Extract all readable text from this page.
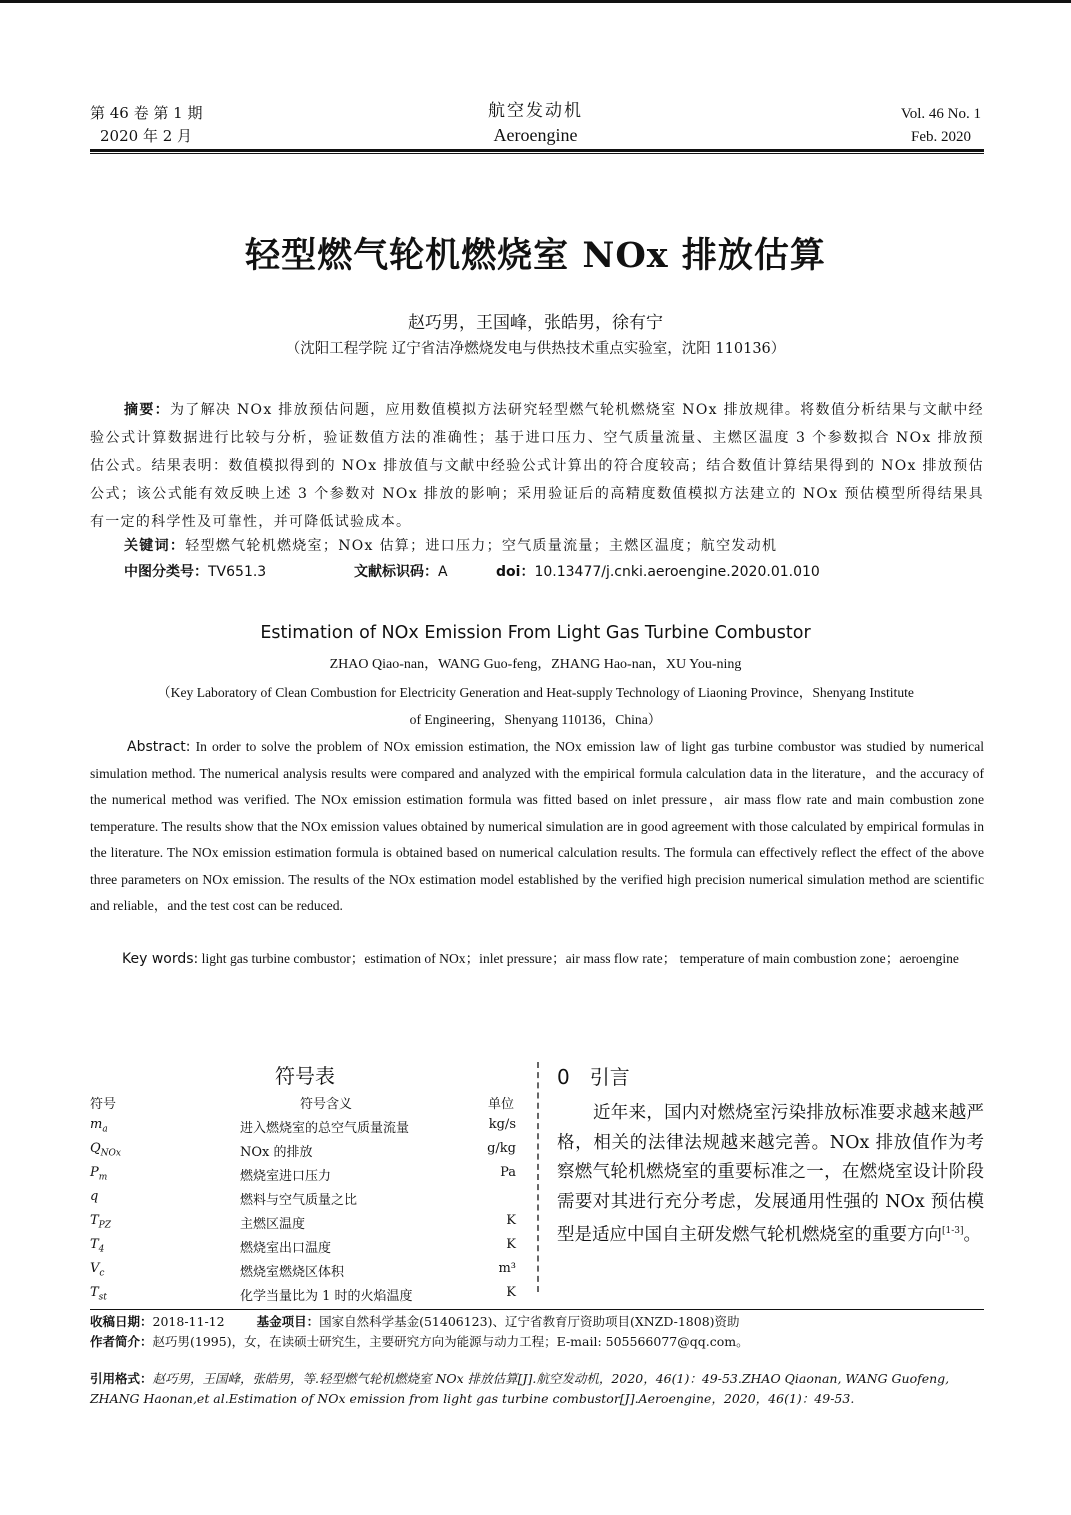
第 46 卷 第 1 期
2020 年 2 月
航空发动机
Aeroengine
Vol. 46 No. 1
Feb. 2020
轻型燃气轮机燃烧室 NOx 排放估算
赵巧男，王国峰，张皓男，徐有宁
（沈阳工程学院 辽宁省洁净燃烧发电与供热技术重点实验室，沈阳 110136）
摘要：为了解决 NOx 排放预估问题，应用数值模拟方法研究轻型燃气轮机燃烧室 NOx 排放规律。将数值分析结果与文献中经验公式计算数据进行比较与分析，验证数值方法的准确性；基于进口压力、空气质量流量、主燃区温度 3 个参数拟合 NOx 排放预估公式。结果表明：数值模拟得到的 NOx 排放值与文献中经验公式计算出的符合度较高；结合数值计算结果得到的 NOx 排放预估公式；该公式能有效反映上述 3 个参数对 NOx 排放的影响；采用验证后的高精度数值模拟方法建立的 NOx 预估模型所得结果具有一定的科学性及可靠性，并可降低试验成本。
关键词：轻型燃气轮机燃烧室；NOx 估算；进口压力；空气质量流量；主燃区温度；航空发动机
中图分类号：TV651.3	文献标识码：A	doi：10.13477/j.cnki.aeroengine.2020.01.010
Estimation of NOx Emission From Light Gas Turbine Combustor
ZHAO Qiao-nan，WANG Guo-feng，ZHANG Hao-nan，XU You-ning
（Key Laboratory of Clean Combustion for Electricity Generation and Heat-supply Technology of Liaoning Province，Shenyang Institute
of Engineering，Shenyang 110136，China）
Abstract: In order to solve the problem of NOx emission estimation, the NOx emission law of light gas turbine combustor was studied by numerical simulation method. The numerical analysis results were compared and analyzed with the empirical formula calculation data in the literature，and the accuracy of the numerical method was verified. The NOx emission estimation formula was fitted based on inlet pressure，air mass flow rate and main combustion zone temperature. The results show that the NOx emission values obtained by numerical simulation are in good agreement with those calculated by empirical formulas in the literature. The NOx emission estimation formula is obtained based on numerical calculation results. The formula can effectively reflect the effect of the above three parameters on NOx emission. The results of the NOx estimation model established by the verified high precision numerical simulation method are scientific and reliable，and the test cost can be reduced.
Key words: light gas turbine combustor；estimation of NOx；inlet pressure；air mass flow rate； temperature of main combustion zone；aeroengine
符号表
符号	符号含义	单位
$m_a$	进入燃烧室的总空气质量流量	kg/s
$Q_{NOx}$	NOx 的排放	g/kg
$P_m$	燃烧室进口压力	Pa
q	燃料与空气质量之比
$T_{PZ}$	主燃区温度	K
$T_4$	燃烧室出口温度	K
$V_c$	燃烧室燃烧区体积	m³
$T_{st}$	化学当量比为 1 时的火焰温度	K
0　引言
近年来，国内对燃烧室污染排放标准要求越来越严格，相关的法律法规越来越完善。NOx 排放值作为考察燃气轮机燃烧室的重要标准之一，在燃烧室设计阶段需要对其进行充分考虑，发展通用性强的 NOx 预估模型是适应中国自主研发燃气轮机燃烧室的重要方向[1-3]。
收稿日期：2018-11-12	基金项目：国家自然科学基金(51406123)、辽宁省教育厅资助项目(XNZD-1808)资助
作者简介：赵巧男(1995)，女，在读硕士研究生，主要研究方向为能源与动力工程；E-mail: 505566077@qq.com。
引用格式：赵巧男，王国峰，张皓男，等.轻型燃气轮机燃烧室 NOx 排放估算[J].航空发动机，2020，46(1)：49-53.ZHAO Qiaonan, WANG Guofeng, ZHANG Haonan,et al.Estimation of NOx emission from light gas turbine combustor[J].Aeroengine，2020，46(1)：49-53.
